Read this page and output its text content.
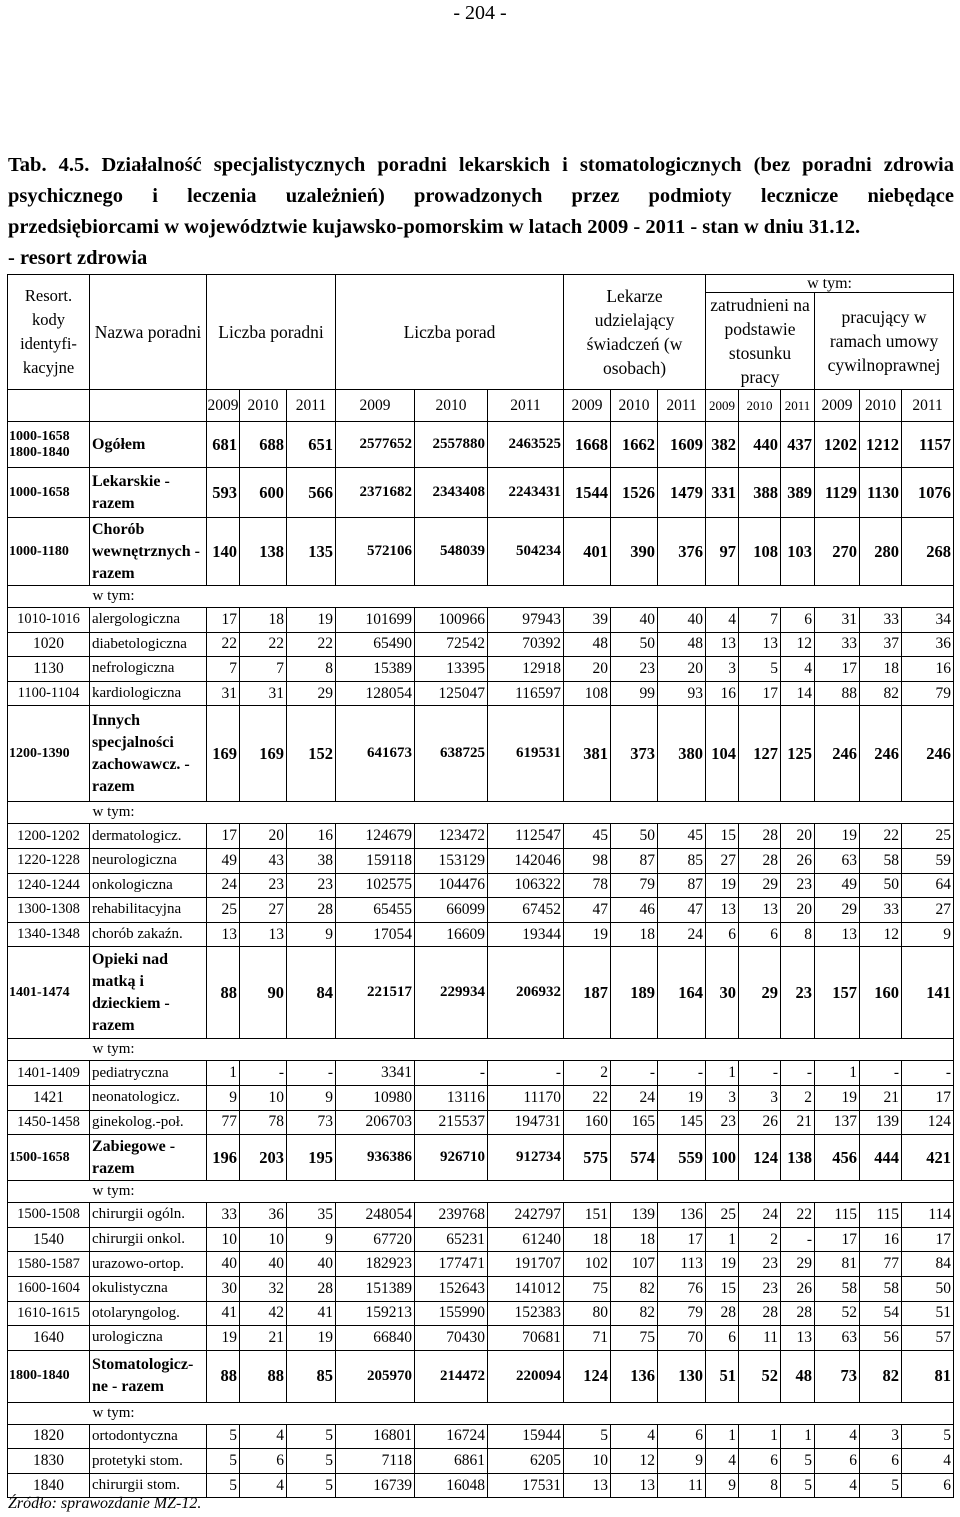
- 204 -

Tab. 4.5. Działalność specjalistycznych poradni lekarskich i stomatologicznych (bez poradni zdrowia

psychicznego i leczenia uzależnień) prowadzonych przez podmioty lecznicze niebędące

przedsiębiorcami w województwie kujawsko-pomorskim w latach 2009 - 2011 - stan w dniu 31.12.

- resort zdrowia

Resort. kody identyfi-kacyjne	Nazwa poradni	Liczba poradni			Liczba porad			Lekarze udzielający świadczeń (w osobach)			w tym:					
											zatrudnieni na podstawie stosunku pracy			pracujący w ramach umowy cywilnoprawnej		
		2009	2010	2011	2009	2010	2011	2009	2010	2011	2009	2010	2011	2009	2010	2011
1000-1658 1800-1840	Ogółem	681	688	651	2577652	2557880	2463525	1668	1662	1609	382	440	437	1202	1212	1157
1000-1658	Lekarskie - razem	593	600	566	2371682	2343408	2243431	1544	1526	1479	331	388	389	1129	1130	1076
1000-1180	Chorób wewnętrznych - razem	140	138	135	572106	548039	504234	401	390	376	97	108	103	270	280	268
	w tym:															
1010-1016	alergologiczna	17	18	19	101699	100966	97943	39	40	40	4	7	6	31	33	34
1020	diabetologiczna	22	22	22	65490	72542	70392	48	50	48	13	13	12	33	37	36
1130	nefrologiczna	7	7	8	15389	13395	12918	20	23	20	3	5	4	17	18	16
1100-1104	kardiologiczna	31	31	29	128054	125047	116597	108	99	93	16	17	14	88	82	79
1200-1390	Innych specjalności zachowawcz. - razem	169	169	152	641673	638725	619531	381	373	380	104	127	125	246	246	246
	w tym:															
1200-1202	dermatologicz.	17	20	16	124679	123472	112547	45	50	45	15	28	20	19	22	25
1220-1228	neurologiczna	49	43	38	159118	153129	142046	98	87	85	27	28	26	63	58	59
1240-1244	onkologiczna	24	23	23	102575	104476	106322	78	79	87	19	29	23	49	50	64
1300-1308	rehabilitacyjna	25	27	28	65455	66099	67452	47	46	47	13	13	20	29	33	27
1340-1348	chorób zakaźn.	13	13	9	17054	16609	19344	19	18	24	6	6	8	13	12	9
1401-1474	Opieki nad matką i dzieckiem - razem	88	90	84	221517	229934	206932	187	189	164	30	29	23	157	160	141
	w tym:															
1401-1409	pediatryczna	1	-	-	3341	-	-	2	-	-	1	-	-	1	-	-
1421	neonatologicz.	9	10	9	10980	13116	11170	22	24	19	3	3	2	19	21	17
1450-1458	ginekolog.-poł.	77	78	73	206703	215537	194731	160	165	145	23	26	21	137	139	124
1500-1658	Zabiegowe - razem	196	203	195	936386	926710	912734	575	574	559	100	124	138	456	444	421
	w tym:															
1500-1508	chirurgii ogóln.	33	36	35	248054	239768	242797	151	139	136	25	24	22	115	115	114
1540	chirurgii onkol.	10	10	9	67720	65231	61240	18	18	17	1	2	-	17	16	17
1580-1587	urazowo-ortop.	40	40	40	182923	177471	191707	102	107	113	19	23	29	81	77	84
1600-1604	okulistyczna	30	32	28	151389	152643	141012	75	82	76	15	23	26	58	58	50
1610-1615	otolaryngolog.	41	42	41	159213	155990	152383	80	82	79	28	28	28	52	54	51
1640	urologiczna	19	21	19	66840	70430	70681	71	75	70	6	11	13	63	56	57
1800-1840	Stomatologicz-ne - razem	88	88	85	205970	214472	220094	124	136	130	51	52	48	73	82	81
	w tym:															
1820	ortodontyczna	5	4	5	16801	16724	15944	5	4	6	1	1	1	4	3	5
1830	protetyki stom.	5	6	5	7118	6861	6205	10	12	9	4	6	5	6	6	4
1840	chirurgii stom.	5	4	5	16739	16048	17531	13	13	11	9	8	5	4	5	6
Źródło: sprawozdanie MZ-12.
